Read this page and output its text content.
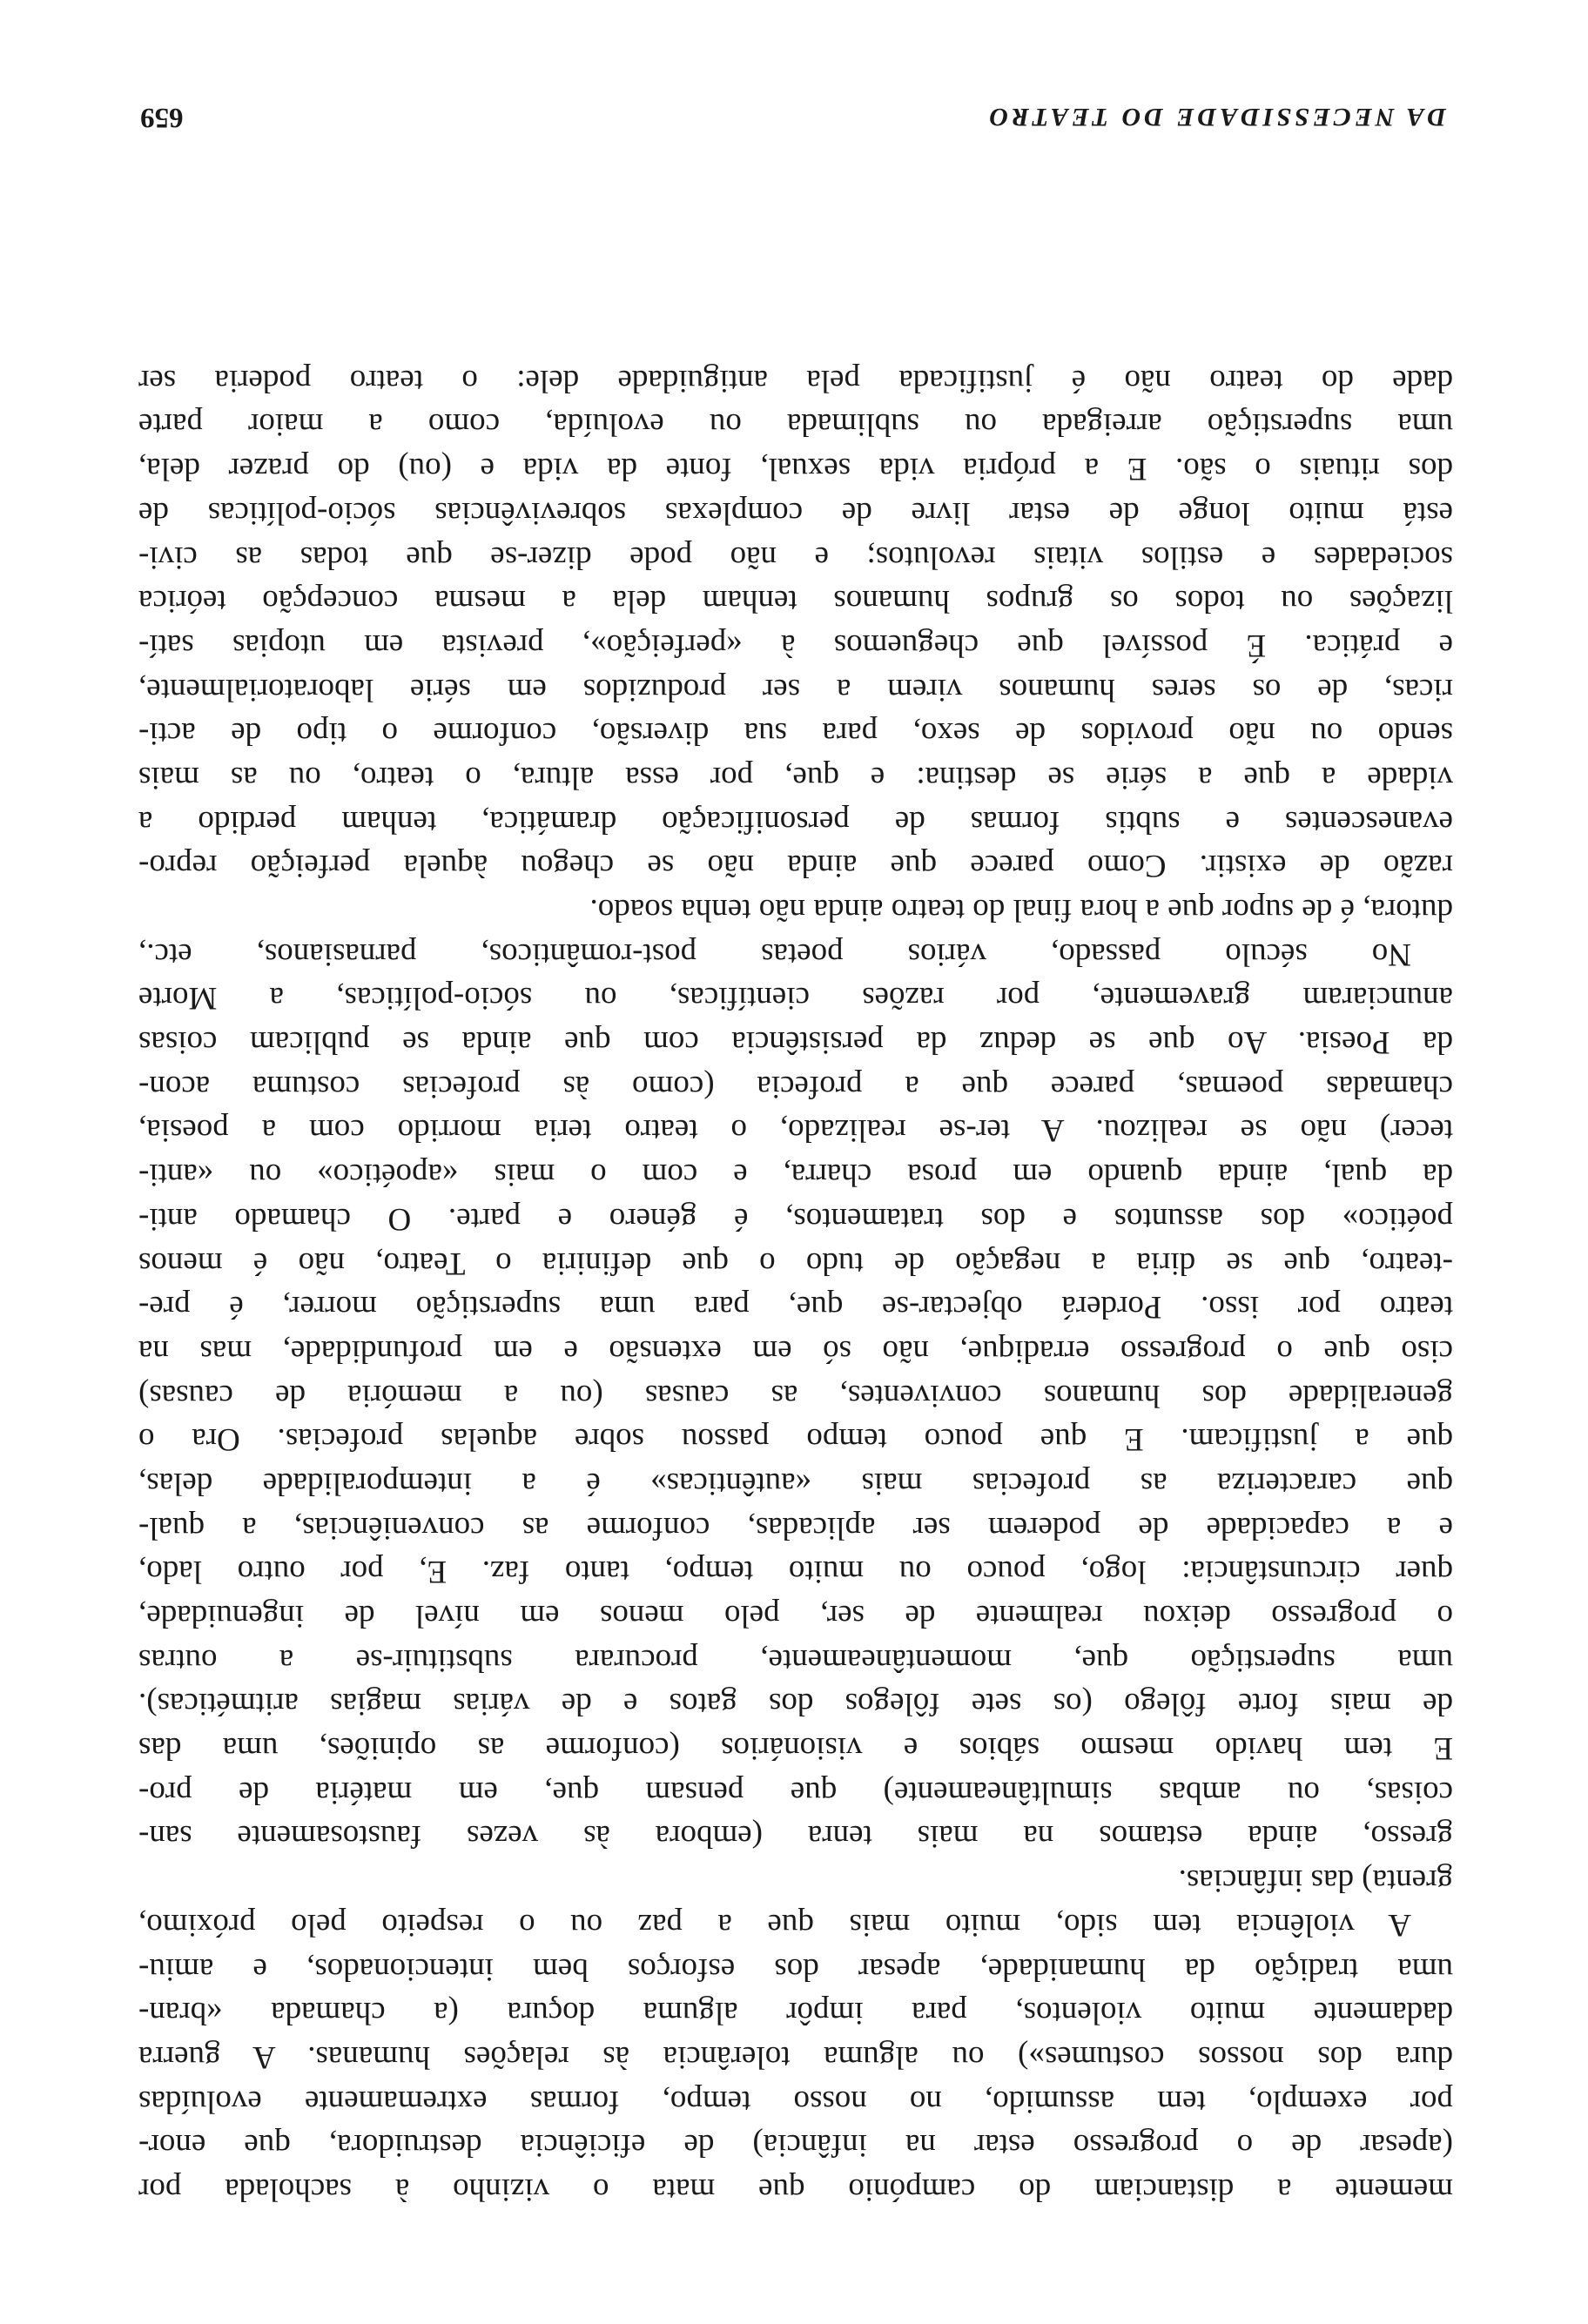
DA NECESSIDADE DO TEATRO
659
memente a distanciam do campónio que mata o vizinho à sacholada por
(apesar de o progresso estar na infância) de eficiência destruidora, que enor-
por exemplo, tem assumido, no nosso tempo, formas extremamente evoluídas
dura dos nossos costumes») ou alguma tolerância às relações humanas. A guerra
dadamente muito violentos, para impôr alguma doçura (a chamada «bran-
uma tradição da humanidade, apesar dos esforços bem intencionados, e amiu-
A violência tem sido, muito mais que a paz ou o respeito pelo próximo,
grenta) das infâncias.
gresso, ainda estamos na mais tenra (embora às vezes faustosamente san-
coisas, ou ambas simultâneamente) que pensam que, em matéria de pro-
E tem havido mesmo sábios e visionários (conforme as opiniões, uma das
de mais forte fôlego (os sete fôlegos dos gatos e de várias magias aritméticas).
uma superstição que, momentâneamente, procurara substituir-se a outras
o progresso deixou realmente de ser, pelo menos em nível de ingenuidade,
quer circunstância: logo, pouco ou muito tempo, tanto faz. E, por outro lado,
e a capacidade de poderem ser aplicadas, conforme as conveniências, a qual-
que caracteriza as profecias mais «autênticas» é a intemporalidade delas,
que a justificam. E que pouco tempo passou sobre aquelas profecias. Ora o
generalidade dos humanos conviventes, as causas (ou a memória de causas)
ciso que o progresso erradique, não só em extensão e em profundidade, mas na
teatro por isso. Porderá objectar-se que, para uma superstição morrer, é pre-
-teatro, que se diria a negação de tudo o que definiria o Teatro, não é menos
poético» dos assuntos e dos tratamentos, é género e parte. O chamado anti-
da qual, ainda quando em prosa charra, e com o mais «apoético» ou «anti-
tecer) não se realizou. A ter-se realizado, o teatro teria morrido com a poesia,
chamadas poemas, parece que a profecia (como às profecias costuma acon-
da Poesia. Ao que se deduz da persistência com que ainda se publicam coisas
anunciaram gravemente, por razões científicas, ou sócio-políticas, a Morte
No século passado, vários poetas post-românticos, parnasianos, etc.,
dutora, é de supor que a hora final do teatro ainda não tenha soado.
razão de existir. Como parece que ainda não se chegou àquela perfeição repro-
evanescentes e subtis formas de personificação dramática, tenham perdido a
vidade a que a série se destina: e que, por essa altura, o teatro, ou as mais
sendo ou não providos de sexo, para sua diversão, conforme o tipo de acti-
ricas, de os seres humanos virem a ser produzidos em série laboratorialmente,
e prática. É possível que cheguemos à «perfeição», prevista em utopias satí-
lizações ou todos os grupos humanos tenham dela a mesma concepção teórica
sociedades e estilos vitais revolutos; e não pode dizer-se que todas as civi-
está muito longe de estar livre de complexas sobrevivências sócio-políticas de
dos rituais o são. E a própria vida sexual, fonte da vida e (ou) do prazer dela,
uma superstição arreigada ou sublimada ou evoluída, como a maior parte
dade do teatro não é justificada pela antiguidade dele: o teatro poderia ser
